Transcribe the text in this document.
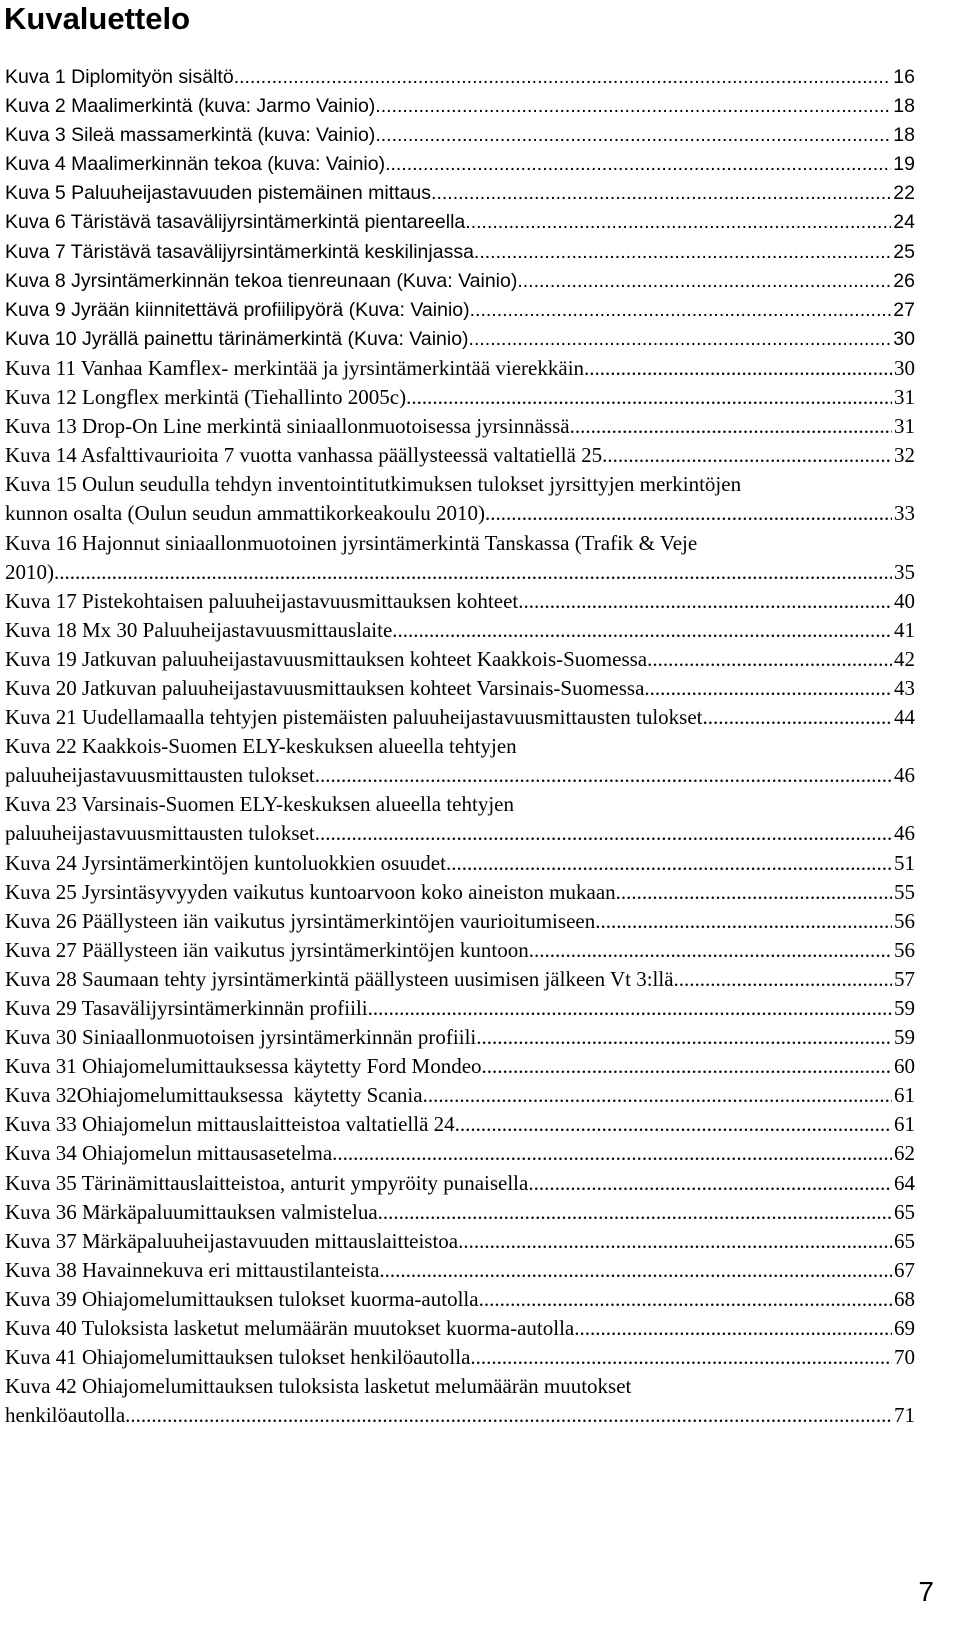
Kuvaluettelo
Kuva 1 Diplomityön sisältö .....	16
Kuva 2 Maalimerkintä (kuva: Jarmo Vainio) .....	18
Kuva 3 Sileä massamerkintä (kuva: Vainio) .....	18
Kuva 4 Maalimerkinnän tekoa (kuva: Vainio) .....	19
Kuva 5 Paluuheijastavuuden pistemäinen mittaus .....	22
Kuva 6 Täristävä tasavälijyrsintämerkintä pientareella .....	24
Kuva 7 Täristävä tasavälijyrsintämerkintä keskilinjassa .....	25
Kuva 8 Jyrsintämerkinnän tekoa tienreunaan (Kuva: Vainio) .....	26
Kuva 9 Jyrään kiinnitettävä profiilipyörä (Kuva: Vainio) .....	27
Kuva 10 Jyrällä painettu tärinämerkintä (Kuva: Vainio) .....	30
Kuva 11 Vanhaa Kamflex- merkintää ja jyrsintämerkintää vierekkäin .....	30
Kuva 12 Longflex merkintä (Tiehallinto 2005c) .....	31
Kuva 13 Drop-On Line merkintä siniaallonmuotoisessa jyrsinnässä .....	31
Kuva 14 Asfalttivaurioita 7 vuotta vanhassa päällysteessä valtatiellä 25 .....	32
Kuva 15 Oulun seudulla tehdyn inventointitutkimuksen tulokset jyrsittyjen merkintöjen
kunnon osalta (Oulun seudun ammattikorkeakoulu 2010) .....	33
Kuva 16 Hajonnut siniaallonmuotoinen jyrsintämerkintä Tanskassa (Trafik & Veje
2010) .....	35
Kuva 17 Pistekohtaisen paluuheijastavuusmittauksen kohteet .....	40
Kuva 18 Mx 30 Paluuheijastavuusmittauslaite .....	41
Kuva 19 Jatkuvan paluuheijastavuusmittauksen kohteet Kaakkois-Suomessa .....	42
Kuva 20 Jatkuvan paluuheijastavuusmittauksen kohteet Varsinais-Suomessa .....	43
Kuva 21 Uudellamaalla tehtyjen pistemäisten paluuheijastavuusmittausten tulokset .....	44
Kuva 22 Kaakkois-Suomen ELY-keskuksen alueella tehtyjen
paluuheijastavuusmittausten tulokset .....	46
Kuva 23 Varsinais-Suomen ELY-keskuksen alueella tehtyjen
paluuheijastavuusmittausten tulokset .....	46
Kuva 24 Jyrsintämerkintöjen kuntoluokkien osuudet .....	51
Kuva 25 Jyrsintäsyvyyden vaikutus kuntoarvoon koko aineiston mukaan .....	55
Kuva 26 Päällysteen iän vaikutus jyrsintämerkintöjen vaurioitumiseen .....	56
Kuva 27 Päällysteen iän vaikutus jyrsintämerkintöjen kuntoon .....	56
Kuva 28 Saumaan tehty jyrsintämerkintä päällysteen uusimisen jälkeen Vt 3:llä .....	57
Kuva 29 Tasavälijyrsintämerkinnän profiili .....	59
Kuva 30 Siniaallonmuotoisen jyrsintämerkinnän profiili .....	59
Kuva 31 Ohiajomelumittauksessa käytetty Ford Mondeo .....	60
Kuva 32Ohiajomelumittauksessa  käytetty Scania .....	61
Kuva 33 Ohiajomelun mittauslaitteistoa valtatiellä 24 .....	61
Kuva 34 Ohiajomelun mittausasetelma .....	62
Kuva 35 Tärinämittauslaitteistoa, anturit ympyröity punaisella .....	64
Kuva 36 Märkäpaluumittauksen valmistelua .....	65
Kuva 37 Märkäpaluuheijastavuuden mittauslaitteistoa .....	65
Kuva 38 Havainnekuva eri mittaustilanteista .....	67
Kuva 39 Ohiajomelumittauksen tulokset kuorma-autolla .....	68
Kuva 40 Tuloksista lasketut melumäärän muutokset kuorma-autolla .....	69
Kuva 41 Ohiajomelumittauksen tulokset henkilöautolla .....	70
Kuva 42 Ohiajomelumittauksen tuloksista lasketut melumäärän muutokset
henkilöautolla .....	71
7
